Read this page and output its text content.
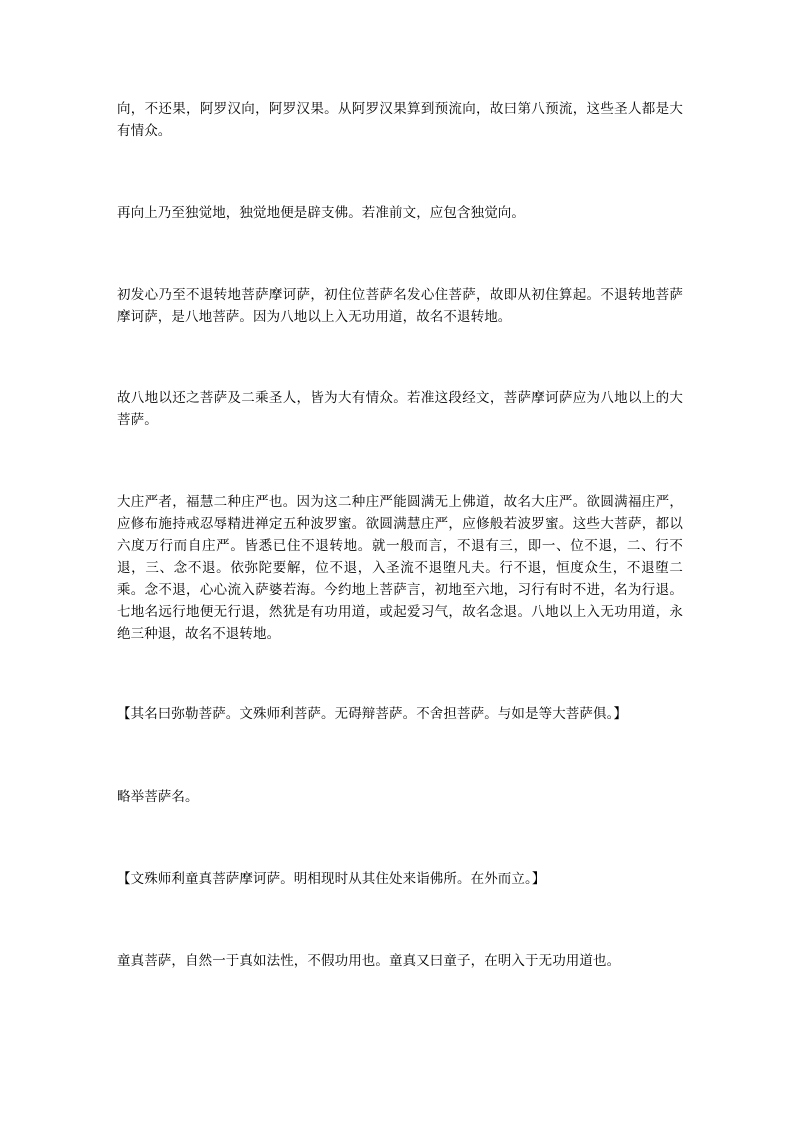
向，不还果，阿罗汉向，阿罗汉果。从阿罗汉果算到预流向，故曰第八预流，这些圣人都是大有情众。

再向上乃至独觉地，独觉地便是辟支佛。若准前文，应包含独觉向。

初发心乃至不退转地菩萨摩诃萨，初住位菩萨名发心住菩萨，故即从初住算起。不退转地菩萨摩诃萨，是八地菩萨。因为八地以上入无功用道，故名不退转地。

故八地以还之菩萨及二乘圣人，皆为大有情众。若准这段经文，菩萨摩诃萨应为八地以上的大菩萨。

大庄严者，福慧二种庄严也。因为这二种庄严能圆满无上佛道，故名大庄严。欲圆满福庄严，应修布施持戒忍辱精进禅定五种波罗蜜。欲圆满慧庄严，应修般若波罗蜜。这些大菩萨，都以六度万行而自庄严。皆悉已住不退转地。就一般而言，不退有三，即一、位不退，二、行不退，三、念不退。依弥陀要解，位不退，入圣流不退堕凡夫。行不退，恒度众生，不退堕二乘。念不退，心心流入萨婆若海。今约地上菩萨言，初地至六地，习行有时不进，名为行退。七地名远行地便无行退，然犹是有功用道，或起爱习气，故名念退。八地以上入无功用道，永绝三种退，故名不退转地。

【其名曰弥勒菩萨。文殊师利菩萨。无碍辩菩萨。不舍担菩萨。与如是等大菩萨俱。】

略举菩萨名。

【文殊师利童真菩萨摩诃萨。明相现时从其住处来诣佛所。在外而立。】

童真菩萨，自然一于真如法性，不假功用也。童真又曰童子，在明入于无功用道也。
